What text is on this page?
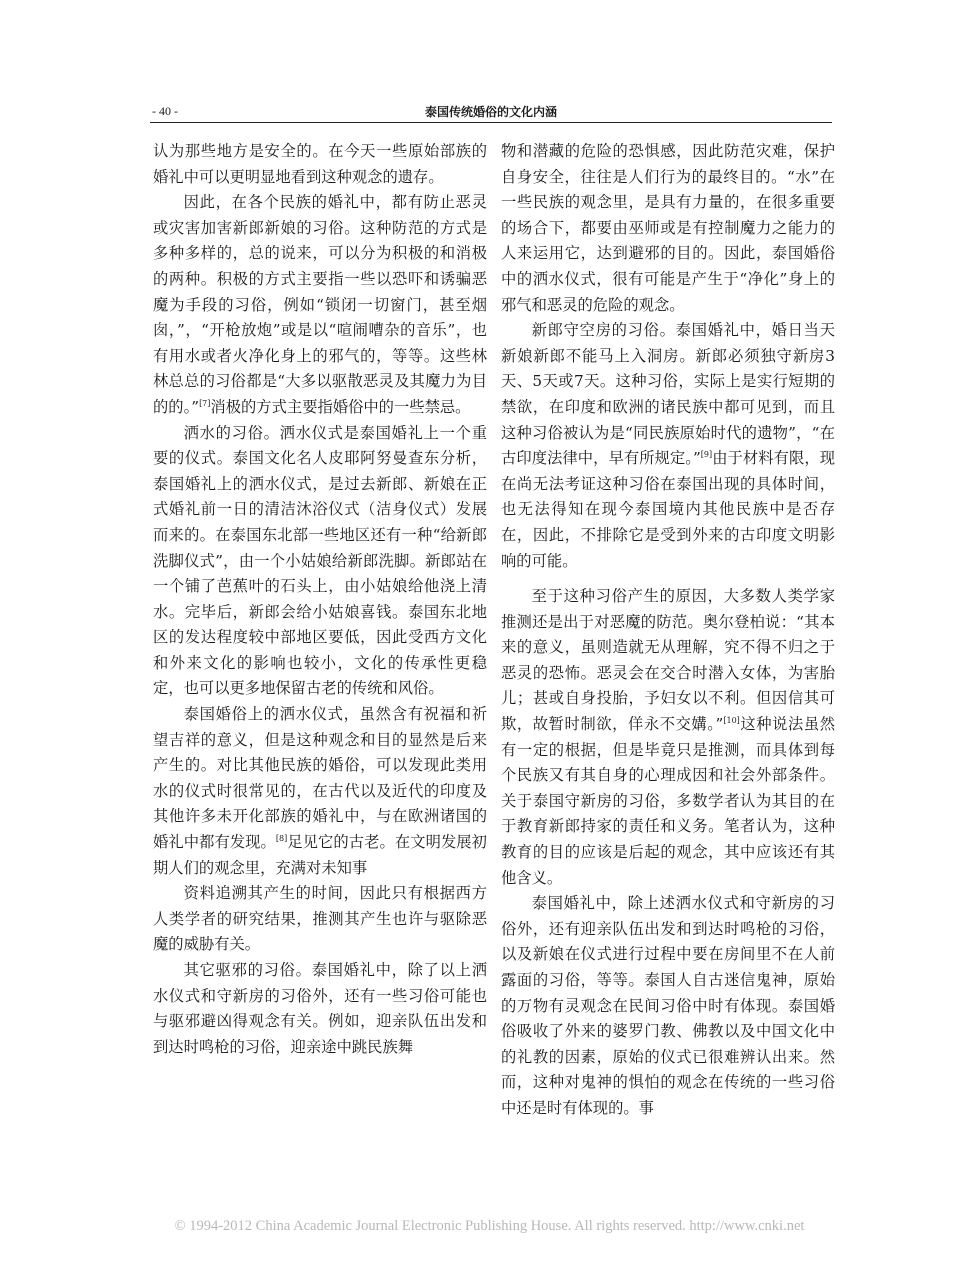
- 40 -	泰国传统婚俗的文化内涵

认为那些地方是安全的。在今天一些原始部族的婚礼中可以更明显地看到这种观念的遗存。

因此，在各个民族的婚礼中，都有防止恶灵或灾害加害新郎新娘的习俗。这种防范的方式是多种多样的，总的说来，可以分为积极的和消极的两种。积极的方式主要指一些以恐吓和诱骗恶魔为手段的习俗，例如“锁闭一切窗门，甚至烟囱，”，“开枪放炮”或是以“喧闹嘈杂的音乐”，也有用水或者火净化身上的邪气的，等等。这些林林总总的习俗都是“大多以驱散恶灵及其魔力为目的的。”[7]消极的方式主要指婚俗中的一些禁忌。

洒水的习俗。洒水仪式是泰国婚礼上一个重要的仪式。泰国文化名人皮耶阿努曼查东分析，泰国婚礼上的洒水仪式，是过去新郎、新娘在正式婚礼前一日的清洁沐浴仪式（洁身仪式）发展而来的。在泰国东北部一些地区还有一种“给新郎洗脚仪式”，由一个小姑娘给新郎洗脚。新郎站在一个铺了芭蕉叶的石头上，由小姑娘给他浇上清水。完毕后，新郎会给小姑娘喜钱。泰国东北地区的发达程度较中部地区要低，因此受西方文化和外来文化的影响也较小，文化的传承性更稳定，也可以更多地保留古老的传统和风俗。

泰国婚俗上的洒水仪式，虽然含有祝福和祈望吉祥的意义，但是这种观念和目的显然是后来产生的。对比其他民族的婚俗，可以发现此类用水的仪式时很常见的，在古代以及近代的印度及其他许多未开化部族的婚礼中，与在欧洲诸国的婚礼中都有发现。[8]足见它的古老。在文明发展初期人们的观念里，充满对未知事

资料追溯其产生的时间，因此只有根据西方人类学者的研究结果，推测其产生也许与驱除恶魔的威胁有关。

其它驱邪的习俗。泰国婚礼中，除了以上洒水仪式和守新房的习俗外，还有一些习俗可能也与驱邪避凶得观念有关。例如，迎亲队伍出发和到达时鸣枪的习俗，迎亲途中跳民族舞

物和潜藏的危险的恐惧感，因此防范灾难，保护自身安全，往往是人们行为的最终目的。“水”在一些民族的观念里，是具有力量的，在很多重要的场合下，都要由巫师或是有控制魔力之能力的人来运用它，达到避邪的目的。因此，泰国婚俗中的洒水仪式，很有可能是产生于“净化”身上的邪气和恶灵的危险的观念。

新郎守空房的习俗。泰国婚礼中，婚日当天新娘新郎不能马上入洞房。新郎必须独守新房3天、5天或7天。这种习俗，实际上是实行短期的禁欲，在印度和欧洲的诸民族中都可见到，而且这种习俗被认为是“同民族原始时代的遗物”，“在古印度法律中，早有所规定。”[9]由于材料有限，现在尚无法考证这种习俗在泰国出现的具体时间，也无法得知在现今泰国境内其他民族中是否存在，因此，不排除它是受到外来的古印度文明影响的可能。

至于这种习俗产生的原因，大多数人类学家推测还是出于对恶魔的防范。奥尔登柏说：“其本来的意义，虽则造就无从理解，究不得不归之于恶灵的恐怖。恶灵会在交合时潜入女体，为害胎儿；甚或自身投胎，予妇女以不利。但因信其可欺，故暂时制欲，佯永不交媾。”[10]这种说法虽然有一定的根据，但是毕竟只是推测，而具体到每个民族又有其自身的心理成因和社会外部条件。关于泰国守新房的习俗，多数学者认为其目的在于教育新郎持家的责任和义务。笔者认为，这种教育的目的应该是后起的观念，其中应该还有其他含义。

泰国婚礼中，除上述洒水仪式和守新房的习俗外，还有迎亲队伍出发和到达时鸣枪的习俗，以及新娘在仪式进行过程中要在房间里不在人前露面的习俗，等等。泰国人自古迷信鬼神，原始的万物有灵观念在民间习俗中时有体现。泰国婚俗吸收了外来的婆罗门教、佛教以及中国文化中的礼教的因素，原始的仪式已很难辨认出来。然而，这种对鬼神的惧怕的观念在传统的一些习俗中还是时有体现的。事

© 1994-2012 China Academic Journal Electronic Publishing House. All rights reserved. http://www.cnki.net
